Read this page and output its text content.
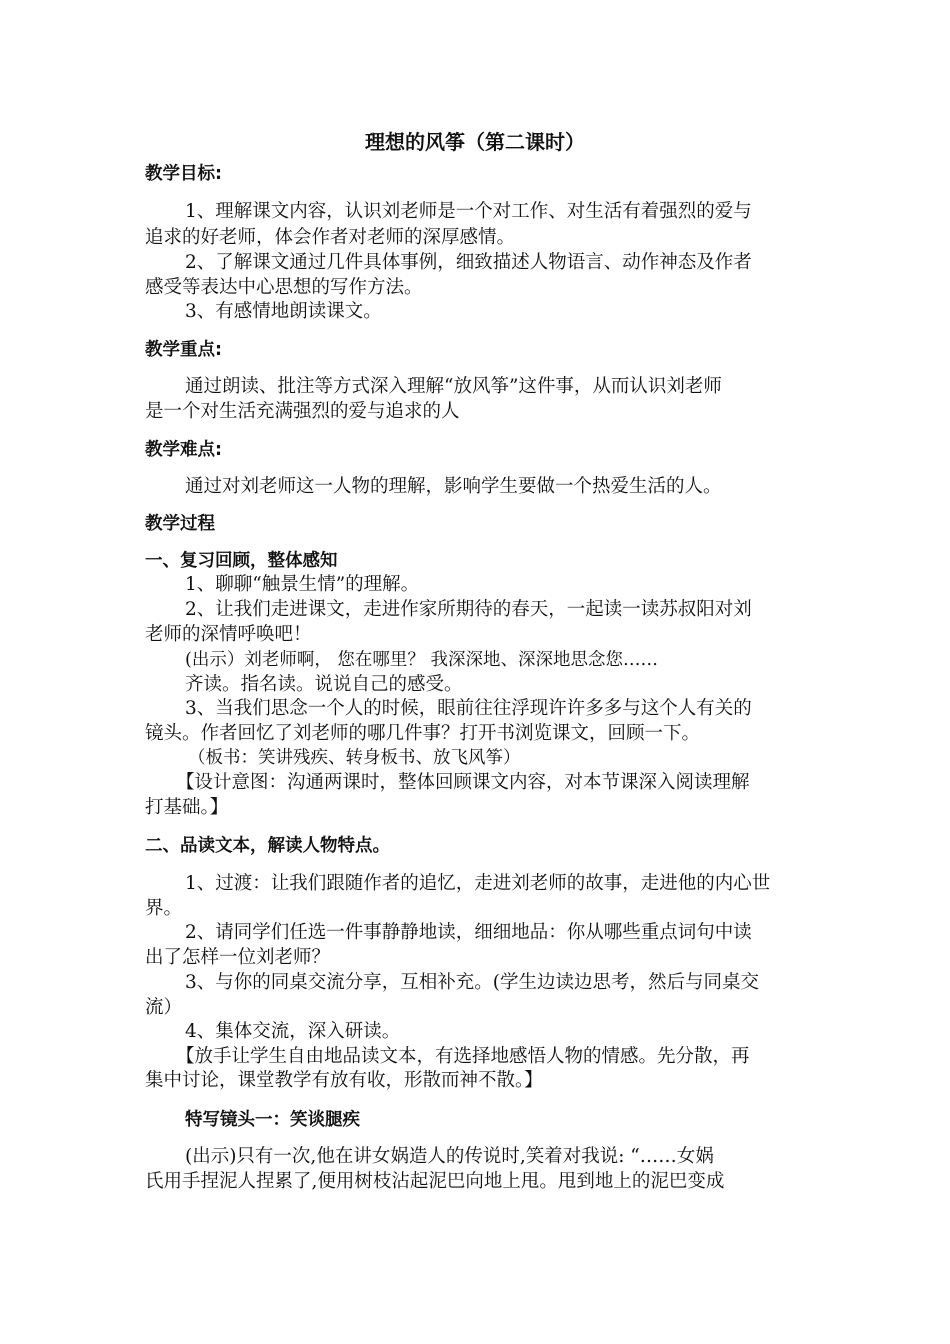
理想的风筝（第二课时）
教学目标:
1、理解课文内容，认识刘老师是一个对工作、对生活有着强烈的爱与
追求的好老师，体会作者对老师的深厚感情。
2、了解课文通过几件具体事例，细致描述人物语言、动作神态及作者
感受等表达中心思想的写作方法。
3、有感情地朗读课文。
教学重点:
通过朗读、批注等方式深入理解“放风筝”这件事，从而认识刘老师
是一个对生活充满强烈的爱与追求的人
教学难点:
通过对刘老师这一人物的理解，影响学生要做一个热爱生活的人。
教学过程
一、复习回顾，整体感知
1、聊聊“触景生情”的理解。
2、让我们走进课文，走进作家所期待的春天，一起读一读苏叔阳对刘
老师的深情呼唤吧！
(出示）刘老师啊， 您在哪里？ 我深深地、深深地思念您……
齐读。指名读。说说自己的感受。
3、当我们思念一个人的时候，眼前往往浮现许许多多与这个人有关的
镜头。作者回忆了刘老师的哪几件事？打开书浏览课文，回顾一下。
（板书：笑讲残疾、转身板书、放飞风筝）
【设计意图：沟通两课时，整体回顾课文内容，对本节课深入阅读理解
打基础。】
二、品读文本，解读人物特点。
1、过渡：让我们跟随作者的追忆，走进刘老师的故事，走进他的内心世
界。
2、请同学们任选一件事静静地读，细细地品：你从哪些重点词句中读
出了怎样一位刘老师？
3、与你的同桌交流分享，互相补充。(学生边读边思考，然后与同桌交
流）
4、集体交流，深入研读。
【放手让学生自由地品读文本，有选择地感悟人物的情感。先分散，再
集中讨论，课堂教学有放有收，形散而神不散。】
特写镜头一：笑谈腿疾
(出示)只有一次,他在讲女娲造人的传说时,笑着对我说: “……女娲
氏用手捏泥人捏累了,便用树枝沾起泥巴向地上甩。甩到地上的泥巴变成
